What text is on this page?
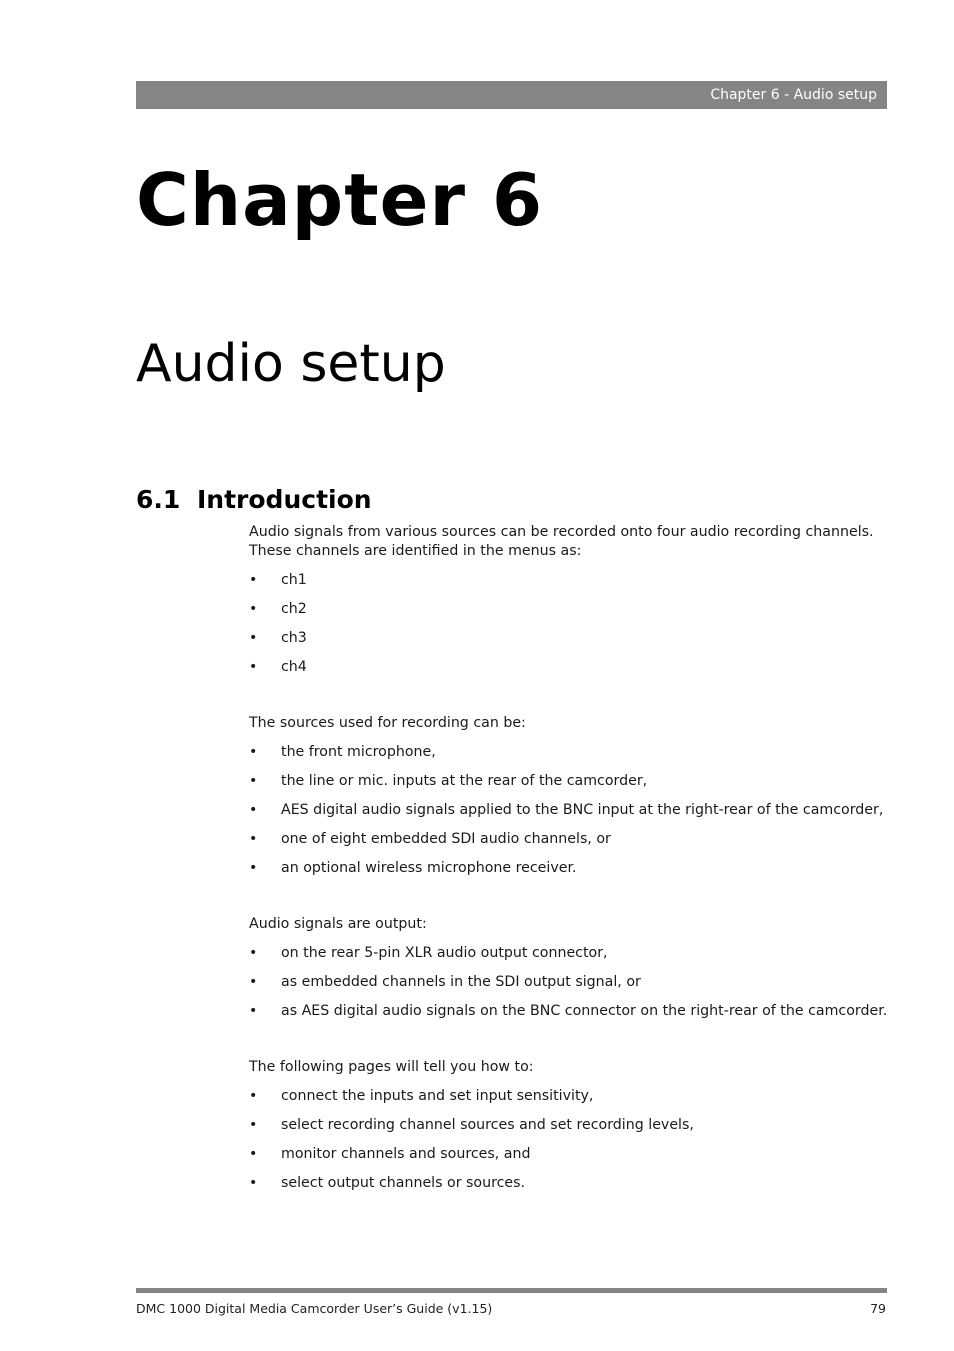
Chapter 6 - Audio setup
Chapter 6
Audio setup
6.1 Introduction

Audio signals from various sources can be recorded onto four audio recording channels. These channels are identified in the menus as:

• ch1
• ch2
• ch3
• ch4

The sources used for recording can be:

• the front microphone,
• the line or mic. inputs at the rear of the camcorder,
• AES digital audio signals applied to the BNC input at the right-rear of the camcorder,
• one of eight embedded SDI audio channels, or
• an optional wireless microphone receiver.

Audio signals are output:

• on the rear 5-pin XLR audio output connector,
• as embedded channels in the SDI output signal, or
• as AES digital audio signals on the BNC connector on the right-rear of the camcorder.

The following pages will tell you how to:

• connect the inputs and set input sensitivity,
• select recording channel sources and set recording levels,
• monitor channels and sources, and
• select output channels or sources.
DMC 1000 Digital Media Camcorder User’s Guide (v1.15)	79
